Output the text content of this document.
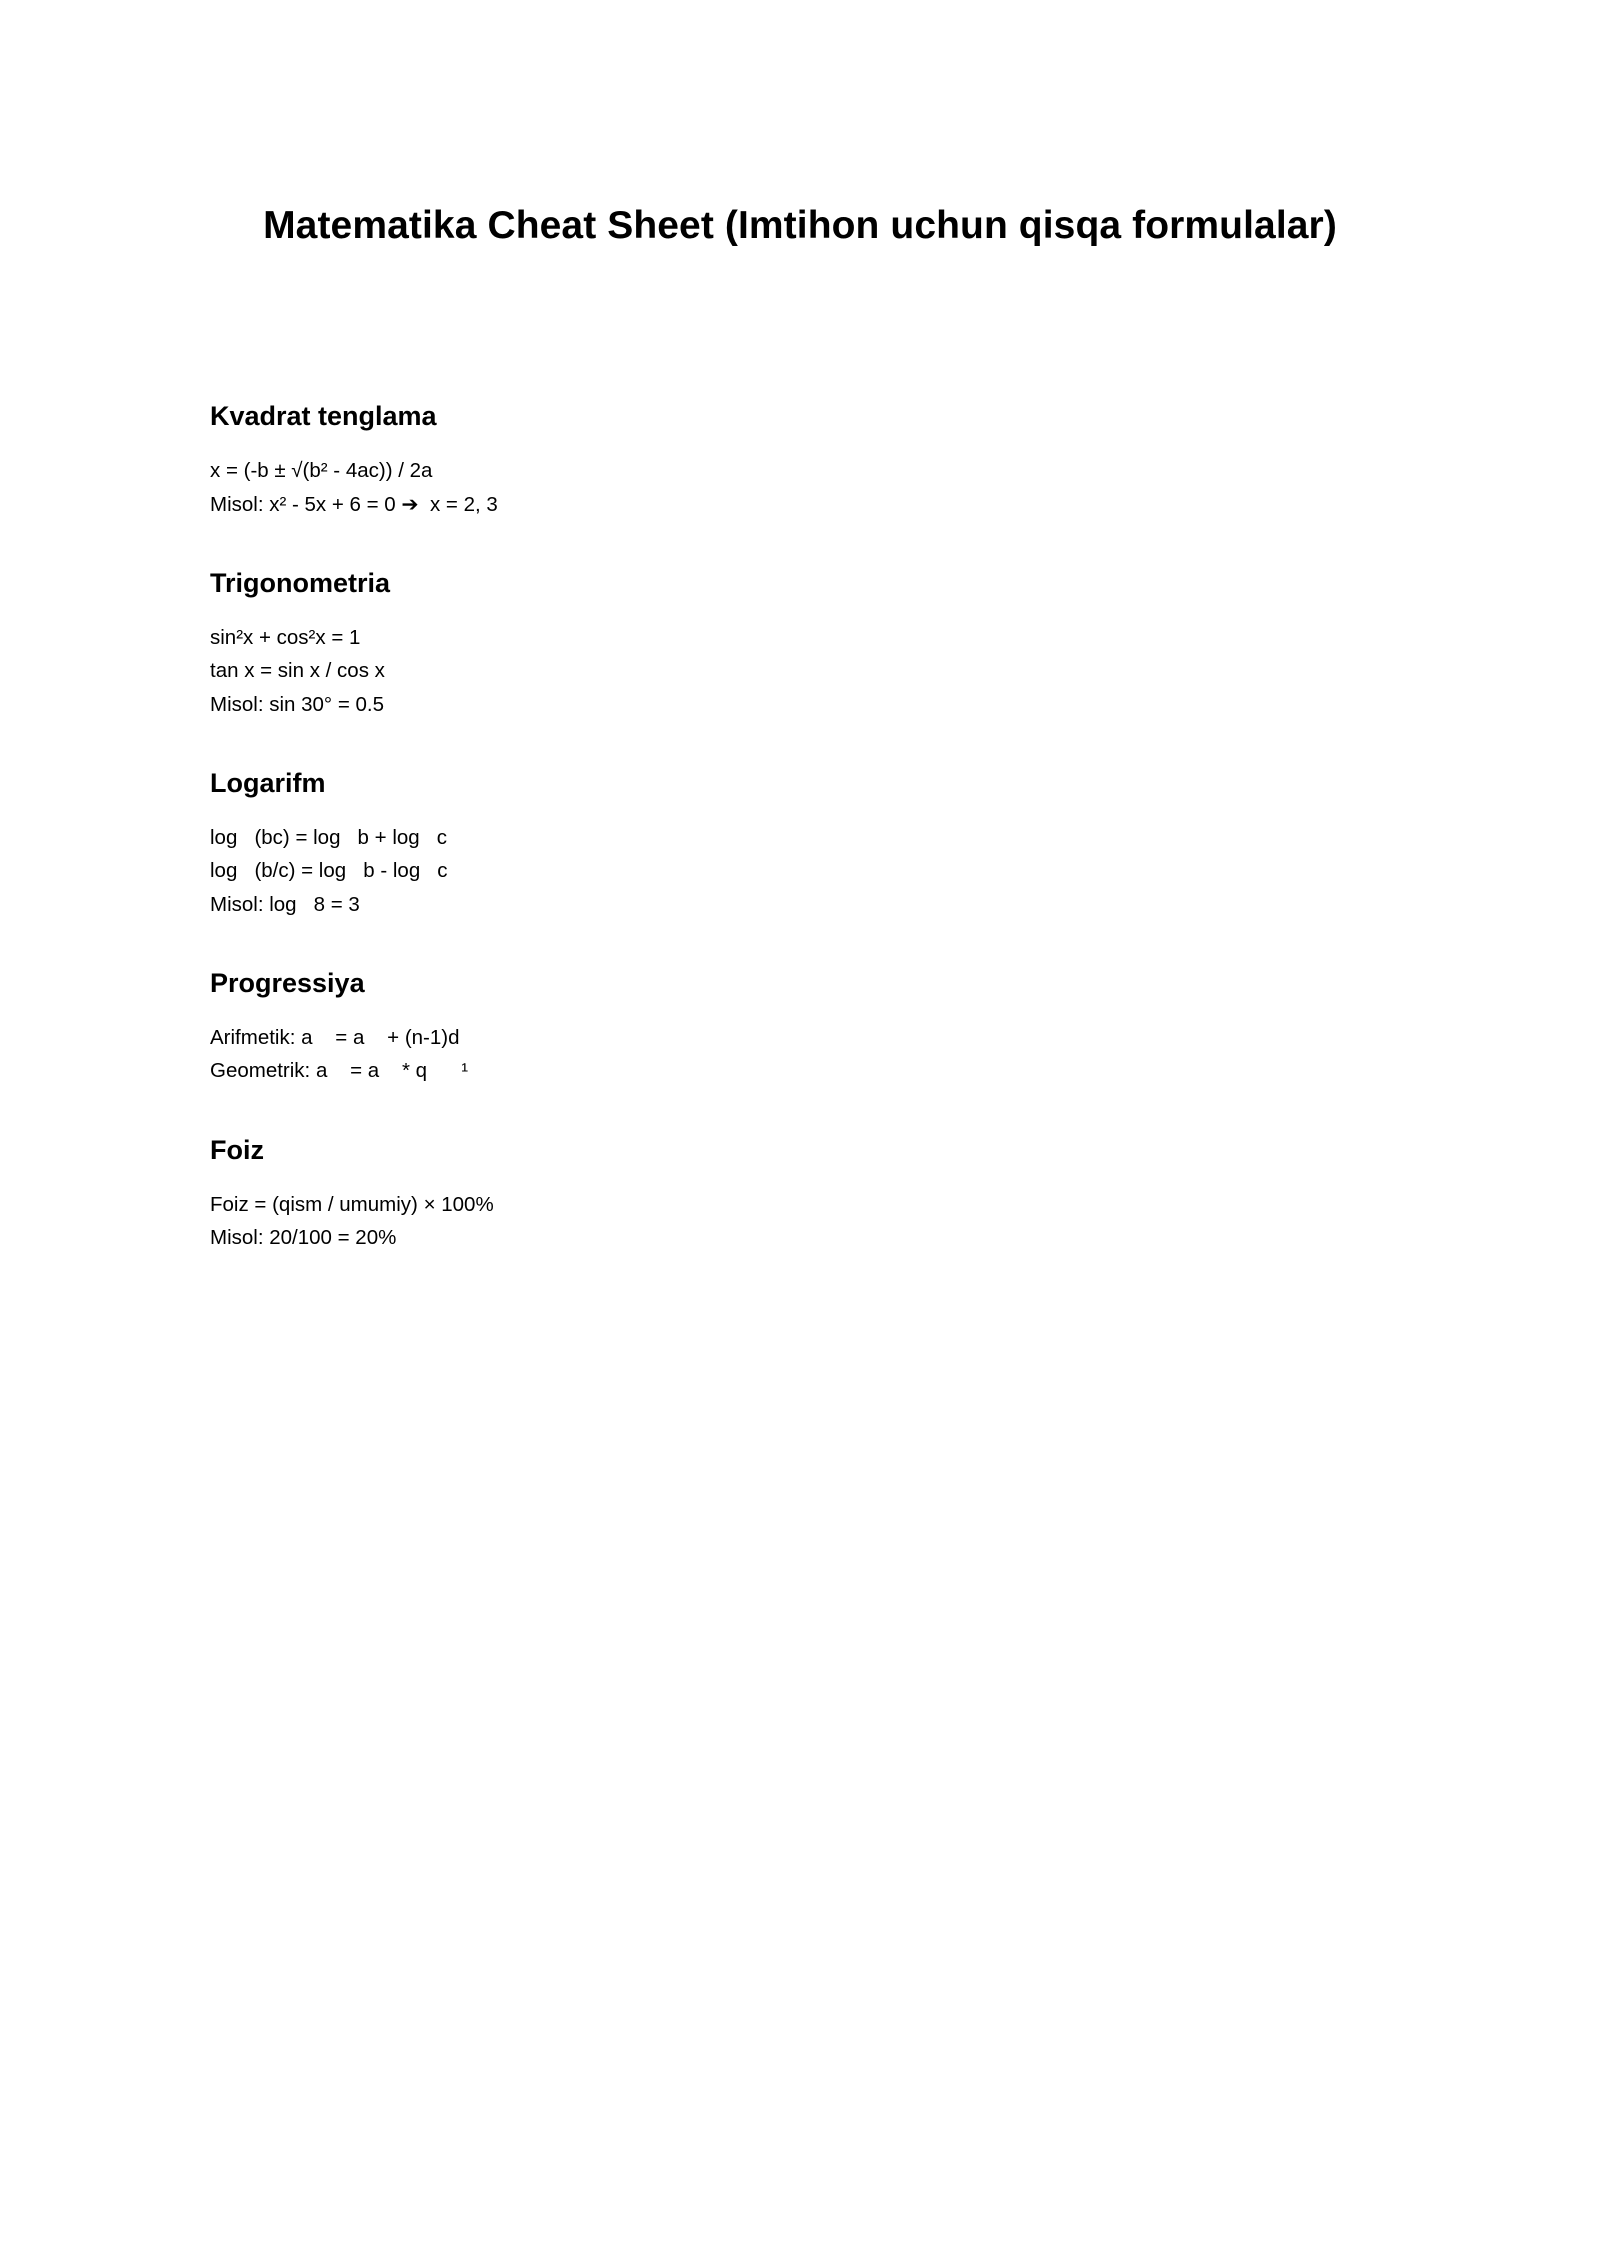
Matematika Cheat Sheet (Imtihon uchun qisqa formulalar)
Kvadrat tenglama
x = (-b ± √(b² - 4ac)) / 2a
Misol: x² - 5x + 6 = 0 ➔  x = 2, 3
Trigonometria
sin²x + cos²x = 1
tan x = sin x / cos x
Misol: sin 30° = 0.5
Logarifm
log   (bc) = log   b + log   c
log   (b/c) = log   b - log   c
Misol: log   8 = 3
Progressiya
Arifmetik: a    = a    + (n-1)d
Geometrik: a    = a    * q      ¹
Foiz
Foiz = (qism / umumiy) × 100%
Misol: 20/100 = 20%
